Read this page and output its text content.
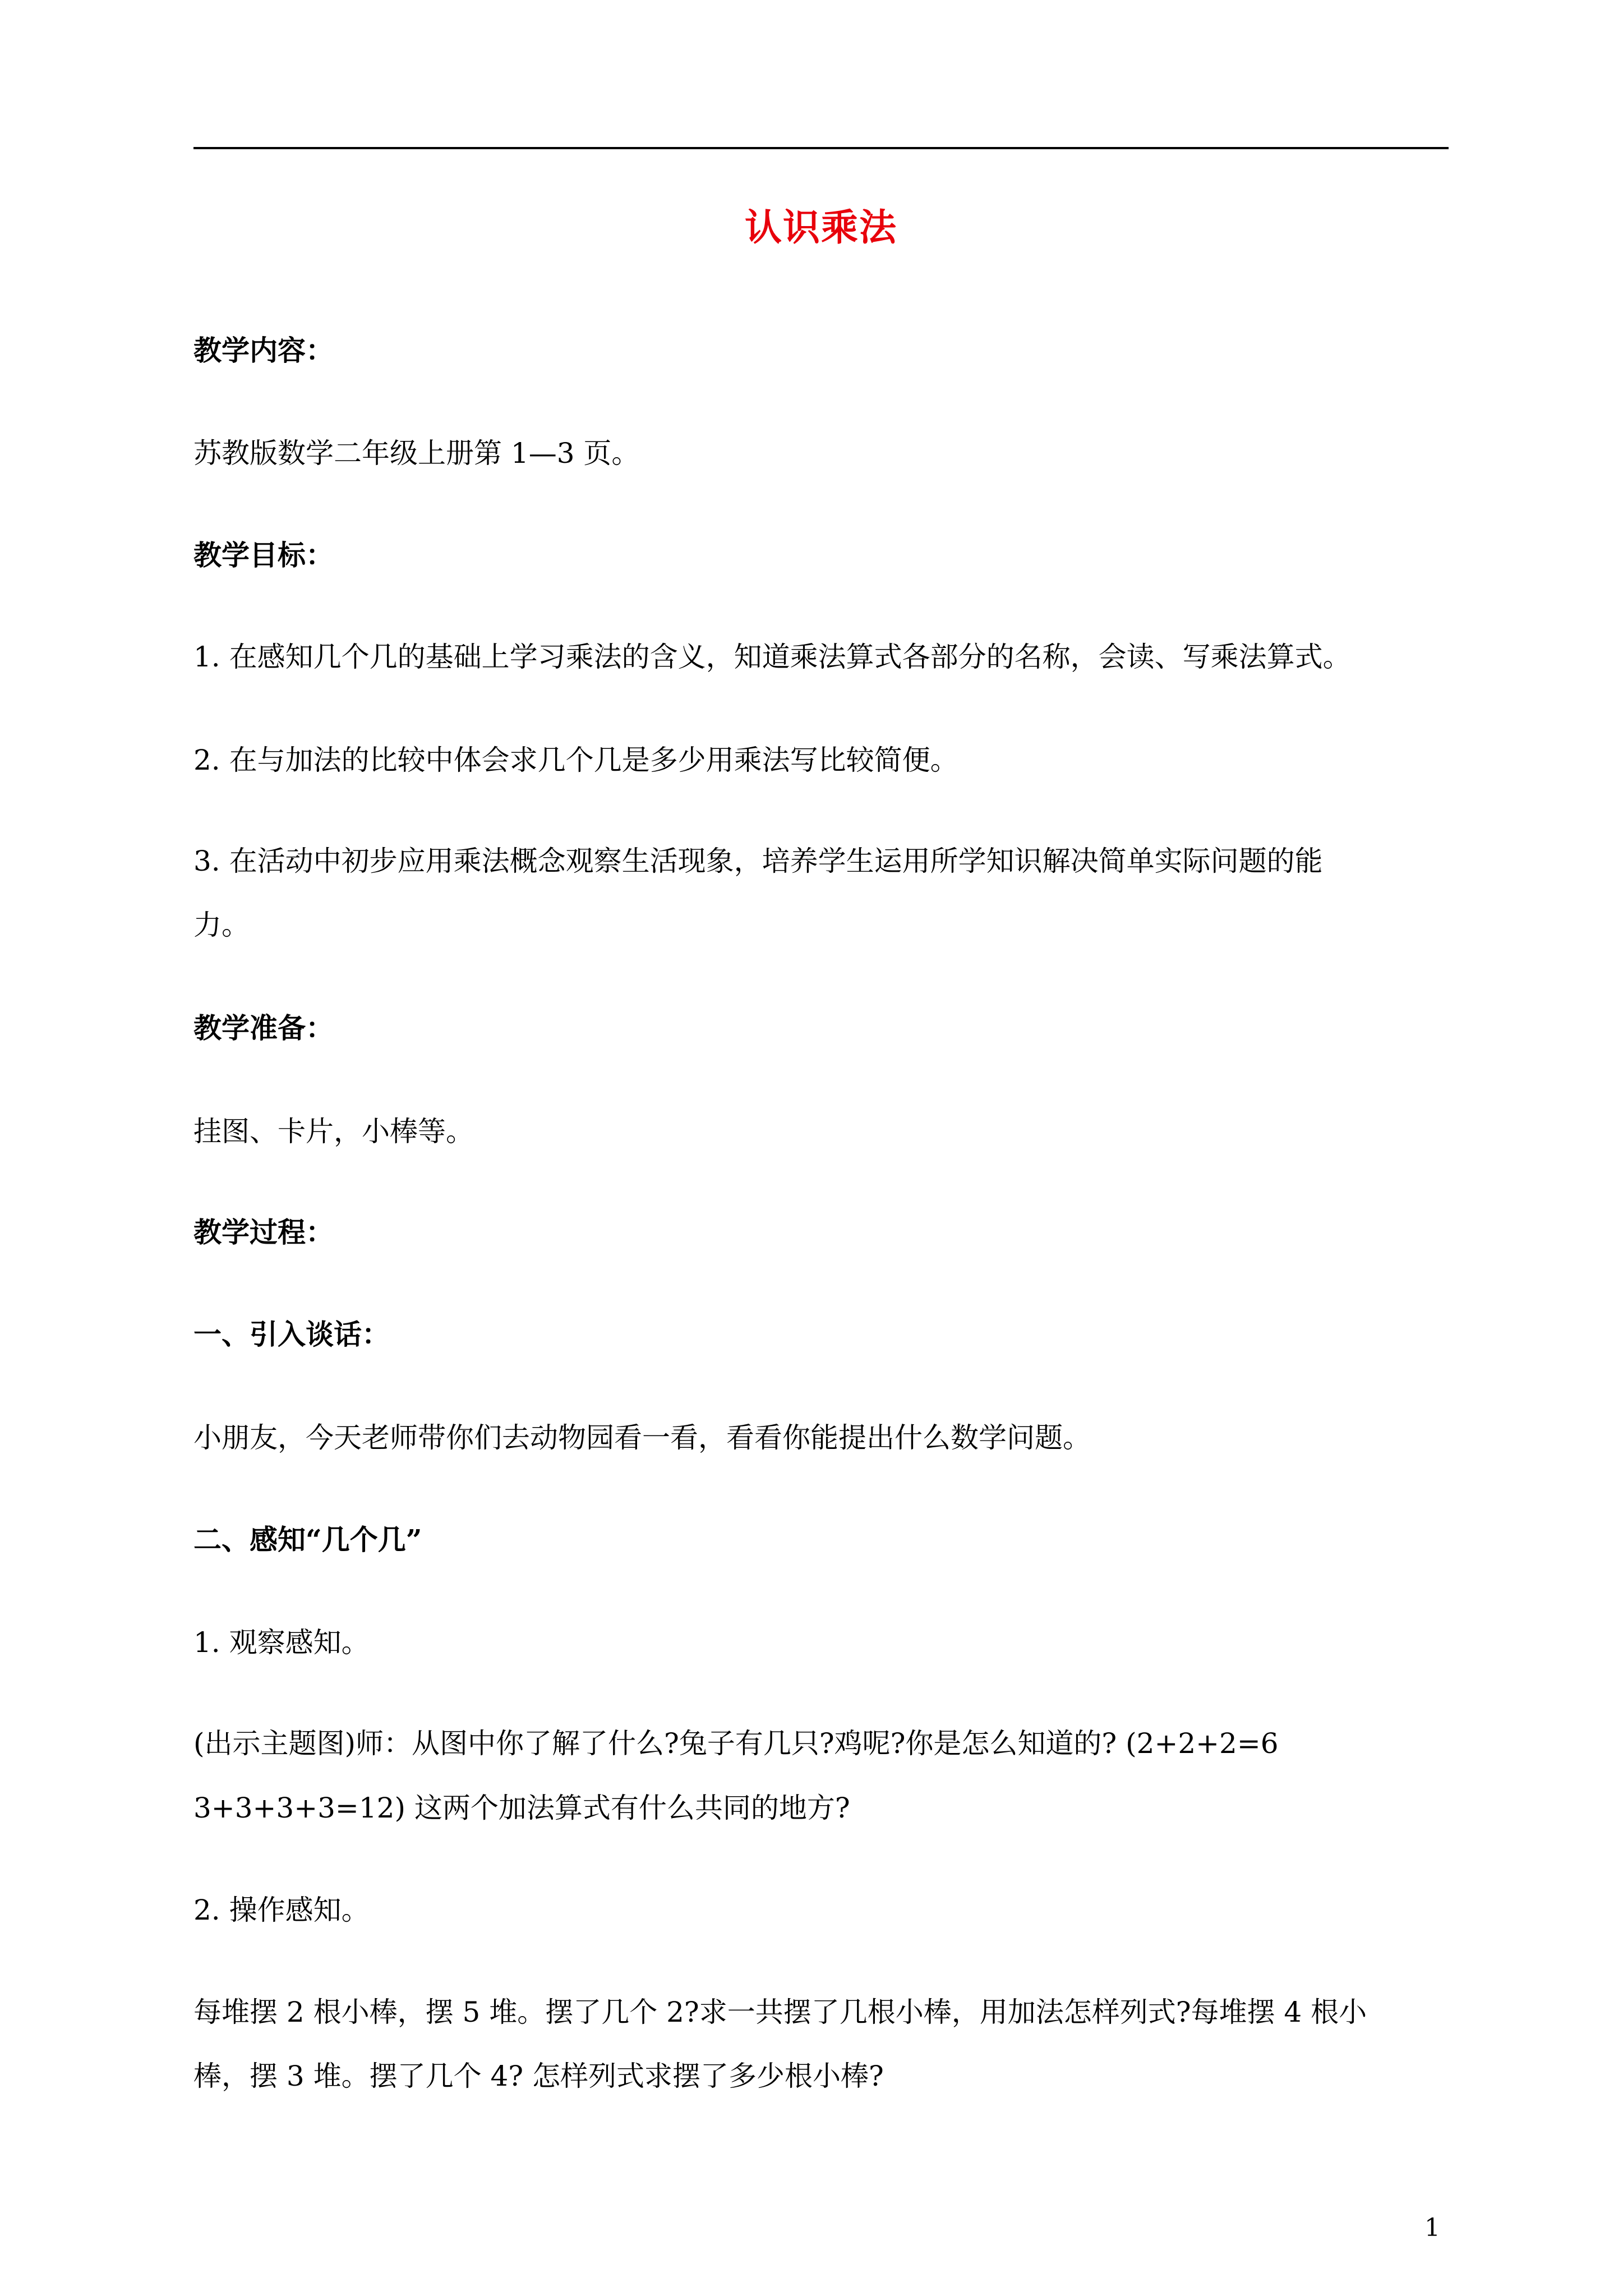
认识乘法
教学内容：
苏教版数学二年级上册第 1—3 页。
教学目标：
1. 在感知几个几的基础上学习乘法的含义，知道乘法算式各部分的名称，会读、写乘法算式。
2. 在与加法的比较中体会求几个几是多少用乘法写比较简便。
3. 在活动中初步应用乘法概念观察生活现象，培养学生运用所学知识解决简单实际问题的能
力。
教学准备：
挂图、卡片，小棒等。
教学过程：
一、引入谈话：
小朋友，今天老师带你们去动物园看一看，看看你能提出什么数学问题。
二、感知“几个几”
1. 观察感知。
(出示主题图)师：从图中你了解了什么?兔子有几只?鸡呢?你是怎么知道的? (2+2+2=6
3+3+3+3=12) 这两个加法算式有什么共同的地方?
2. 操作感知。
每堆摆 2 根小棒，摆 5 堆。摆了几个 2?求一共摆了几根小棒，用加法怎样列式?每堆摆 4 根小
棒，摆 3 堆。摆了几个 4? 怎样列式求摆了多少根小棒?
1
